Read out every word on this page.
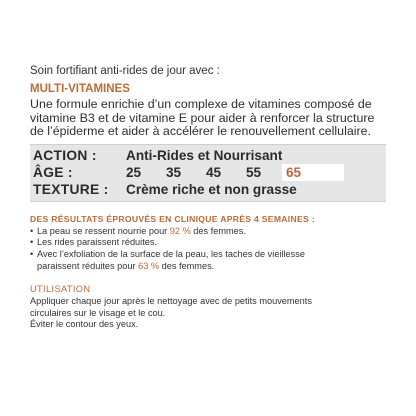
Soin fortifiant anti-rides de jour avec :

MULTI-VITAMINES

Une formule enrichie d’un complexe de vitamines composé de vitamine B3 et de vitamine E pour aider à renforcer la structure de l’épiderme et aider à accélérer le renouvellement cellulaire.

ACTION :	Anti-Rides et Nourrisant
ÂGE :	25	35	45	55	65
TEXTURE :	Crème riche et non grasse
DES RÉSULTATS ÉPROUVÉS EN CLINIQUE APRÈS 4 SEMAINES :
• La peau se ressent nourrie pour 92 % des femmes.
• Les rides paraissent réduites.
• Avec l’exfoliation de la surface de la peau, les taches de vieillesse
paraissent réduites pour 63 % des femmes.
UTILISATION
Appliquer chaque jour après le nettoyage avec de petits mouvements
circulaires sur le visage et le cou.
Éviter le contour des yeux.
